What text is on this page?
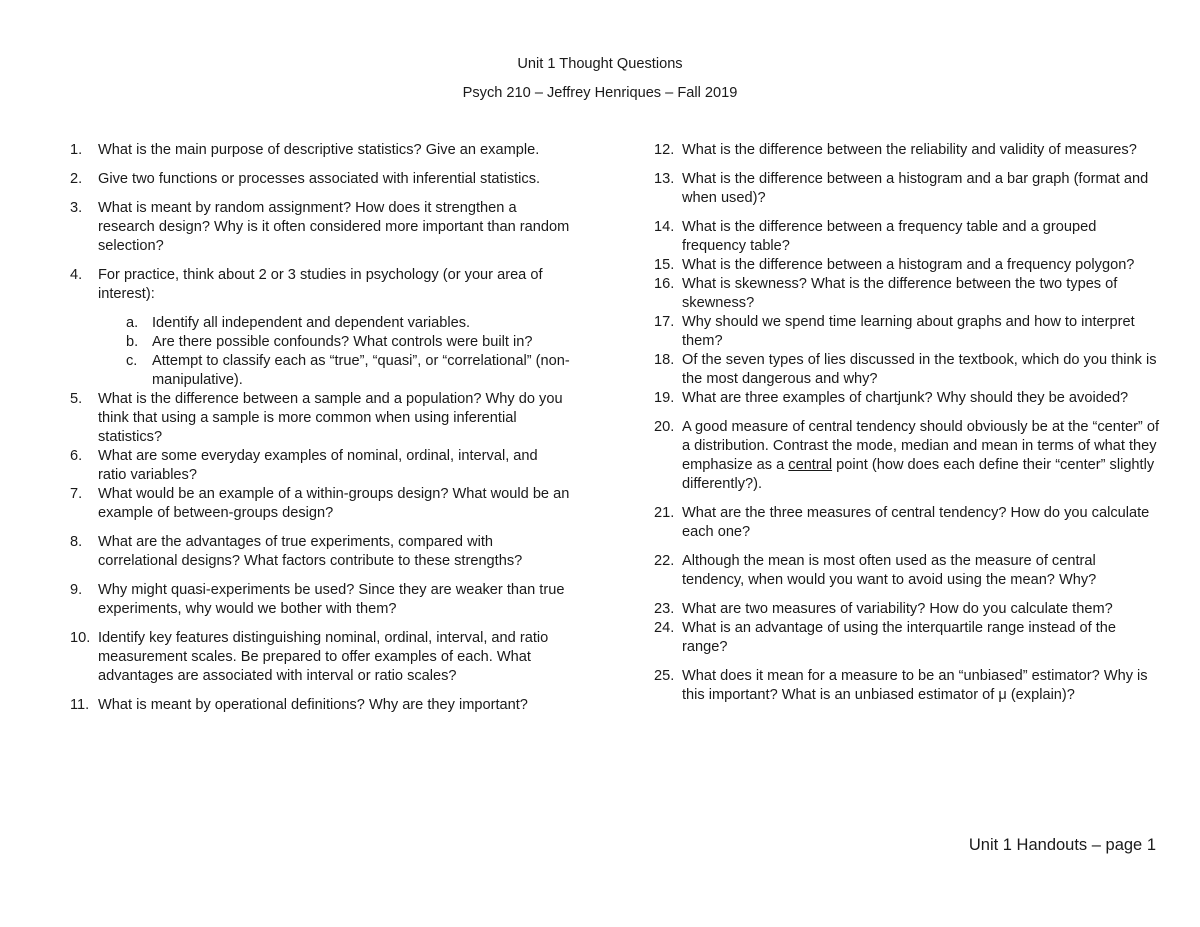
Unit 1 Thought Questions
Psych 210 – Jeffrey Henriques – Fall 2019
1. What is the main purpose of descriptive statistics? Give an example.
2. Give two functions or processes associated with inferential statistics.
3. What is meant by random assignment? How does it strengthen a research design? Why is it often considered more important than random selection?
4. For practice, think about 2 or 3 studies in psychology (or your area of interest):
a. Identify all independent and dependent variables.
b. Are there possible confounds? What controls were built in?
c. Attempt to classify each as “true”, “quasi”, or “correlational” (non-manipulative).
5. What is the difference between a sample and a population? Why do you think that using a sample is more common when using inferential statistics?
6. What are some everyday examples of nominal, ordinal, interval, and ratio variables?
7. What would be an example of a within-groups design? What would be an example of between-groups design?
8. What are the advantages of true experiments, compared with correlational designs? What factors contribute to these strengths?
9. Why might quasi-experiments be used? Since they are weaker than true experiments, why would we bother with them?
10. Identify key features distinguishing nominal, ordinal, interval, and ratio measurement scales. Be prepared to offer examples of each. What advantages are associated with interval or ratio scales?
11. What is meant by operational definitions? Why are they important?
12. What is the difference between the reliability and validity of measures?
13. What is the difference between a histogram and a bar graph (format and when used)?
14. What is the difference between a frequency table and a grouped frequency table?
15. What is the difference between a histogram and a frequency polygon?
16. What is skewness? What is the difference between the two types of skewness?
17. Why should we spend time learning about graphs and how to interpret them?
18. Of the seven types of lies discussed in the textbook, which do you think is the most dangerous and why?
19. What are three examples of chartjunk? Why should they be avoided?
20. A good measure of central tendency should obviously be at the “center” of a distribution. Contrast the mode, median and mean in terms of what they emphasize as a central point (how does each define their “center” slightly differently?).
21. What are the three measures of central tendency? How do you calculate each one?
22. Although the mean is most often used as the measure of central tendency, when would you want to avoid using the mean? Why?
23. What are two measures of variability? How do you calculate them?
24. What is an advantage of using the interquartile range instead of the range?
25. What does it mean for a measure to be an “unbiased” estimator? Why is this important? What is an unbiased estimator of μ (explain)?
Unit 1 Handouts – page 1
